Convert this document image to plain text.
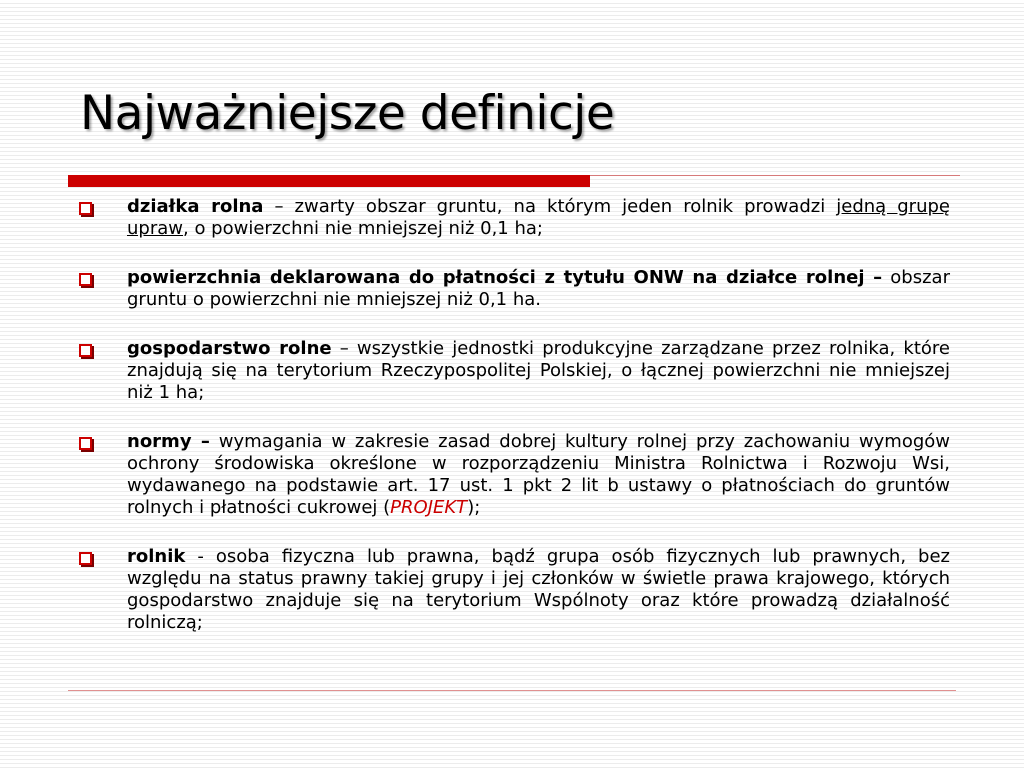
Najważniejsze definicje
działka rolna – zwarty obszar gruntu, na którym jeden rolnik prowadzi jedną grupę upraw, o powierzchni nie mniejszej niż 0,1 ha;
powierzchnia deklarowana do płatności z tytułu ONW na działce rolnej – obszar gruntu o powierzchni nie mniejszej niż 0,1 ha.
gospodarstwo rolne – wszystkie jednostki produkcyjne zarządzane przez rolnika, które znajdują się na terytorium Rzeczypospolitej Polskiej, o łącznej powierzchni nie mniejszej niż 1 ha;
normy – wymagania w zakresie zasad dobrej kultury rolnej przy zachowaniu wymogów ochrony środowiska określone w rozporządzeniu Ministra Rolnictwa i Rozwoju Wsi, wydawanego na podstawie art. 17 ust. 1 pkt 2 lit b ustawy o płatnościach do gruntów rolnych i płatności cukrowej (PROJEKT);
rolnik - osoba fizyczna lub prawna, bądź grupa osób fizycznych lub prawnych, bez względu na status prawny takiej grupy i jej członków w świetle prawa krajowego, których gospodarstwo znajduje się na terytorium Wspólnoty oraz które prowadzą działalność rolniczą;
